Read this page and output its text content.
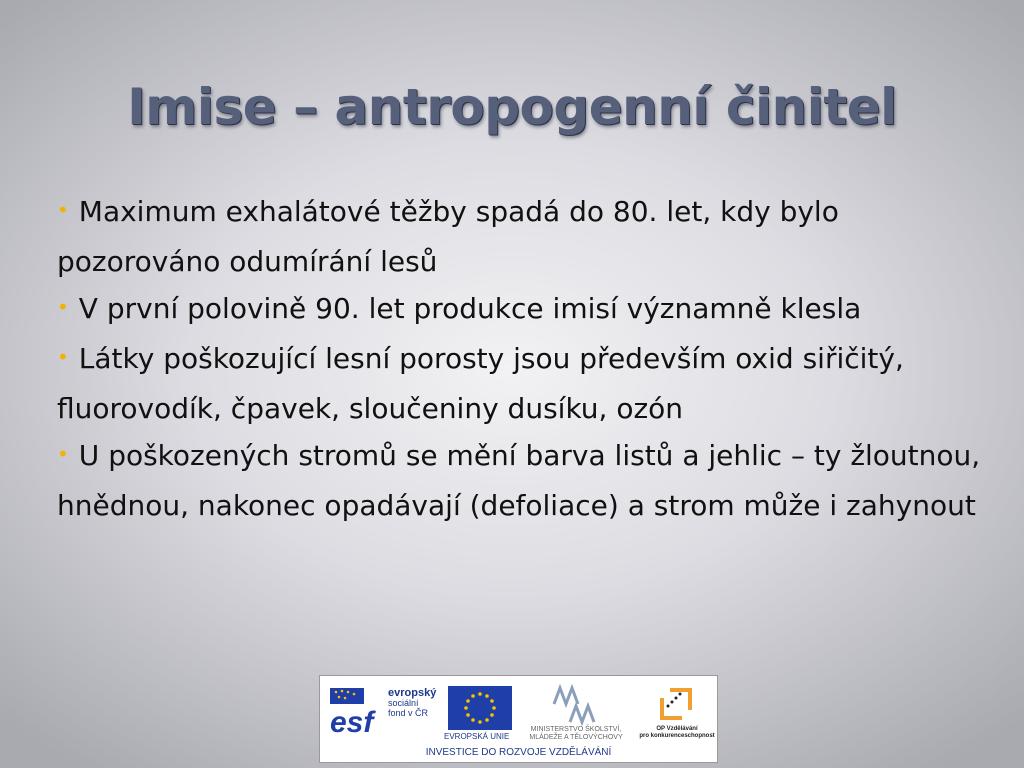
Imise – antropogenní činitel

• Maximum exhalátové těžby spadá do 80. let, kdy bylo pozorováno odumírání lesů

• V první polovině 90. let produkce imisí významně klesla

• Látky poškozující lesní porosty jsou především oxid siřičitý, fluorovodík, čpavek, sloučeniny dusíku, ozón

• U poškozených stromů se mění barva listů a jehlic – ty žloutnou, hnědnou, nakonec opadávají (defoliace) a strom může i zahynout

esf
evropský
sociální
fond v ČR
EVROPSKÁ UNIE
MINISTERSTVO ŠKOLSTVÍ,
MLÁDEŽE A TĚLOVÝCHOVY
OP Vzdělávání
pro konkurenceschopnost
INVESTICE DO ROZVOJE VZDĚLÁVÁNÍ
